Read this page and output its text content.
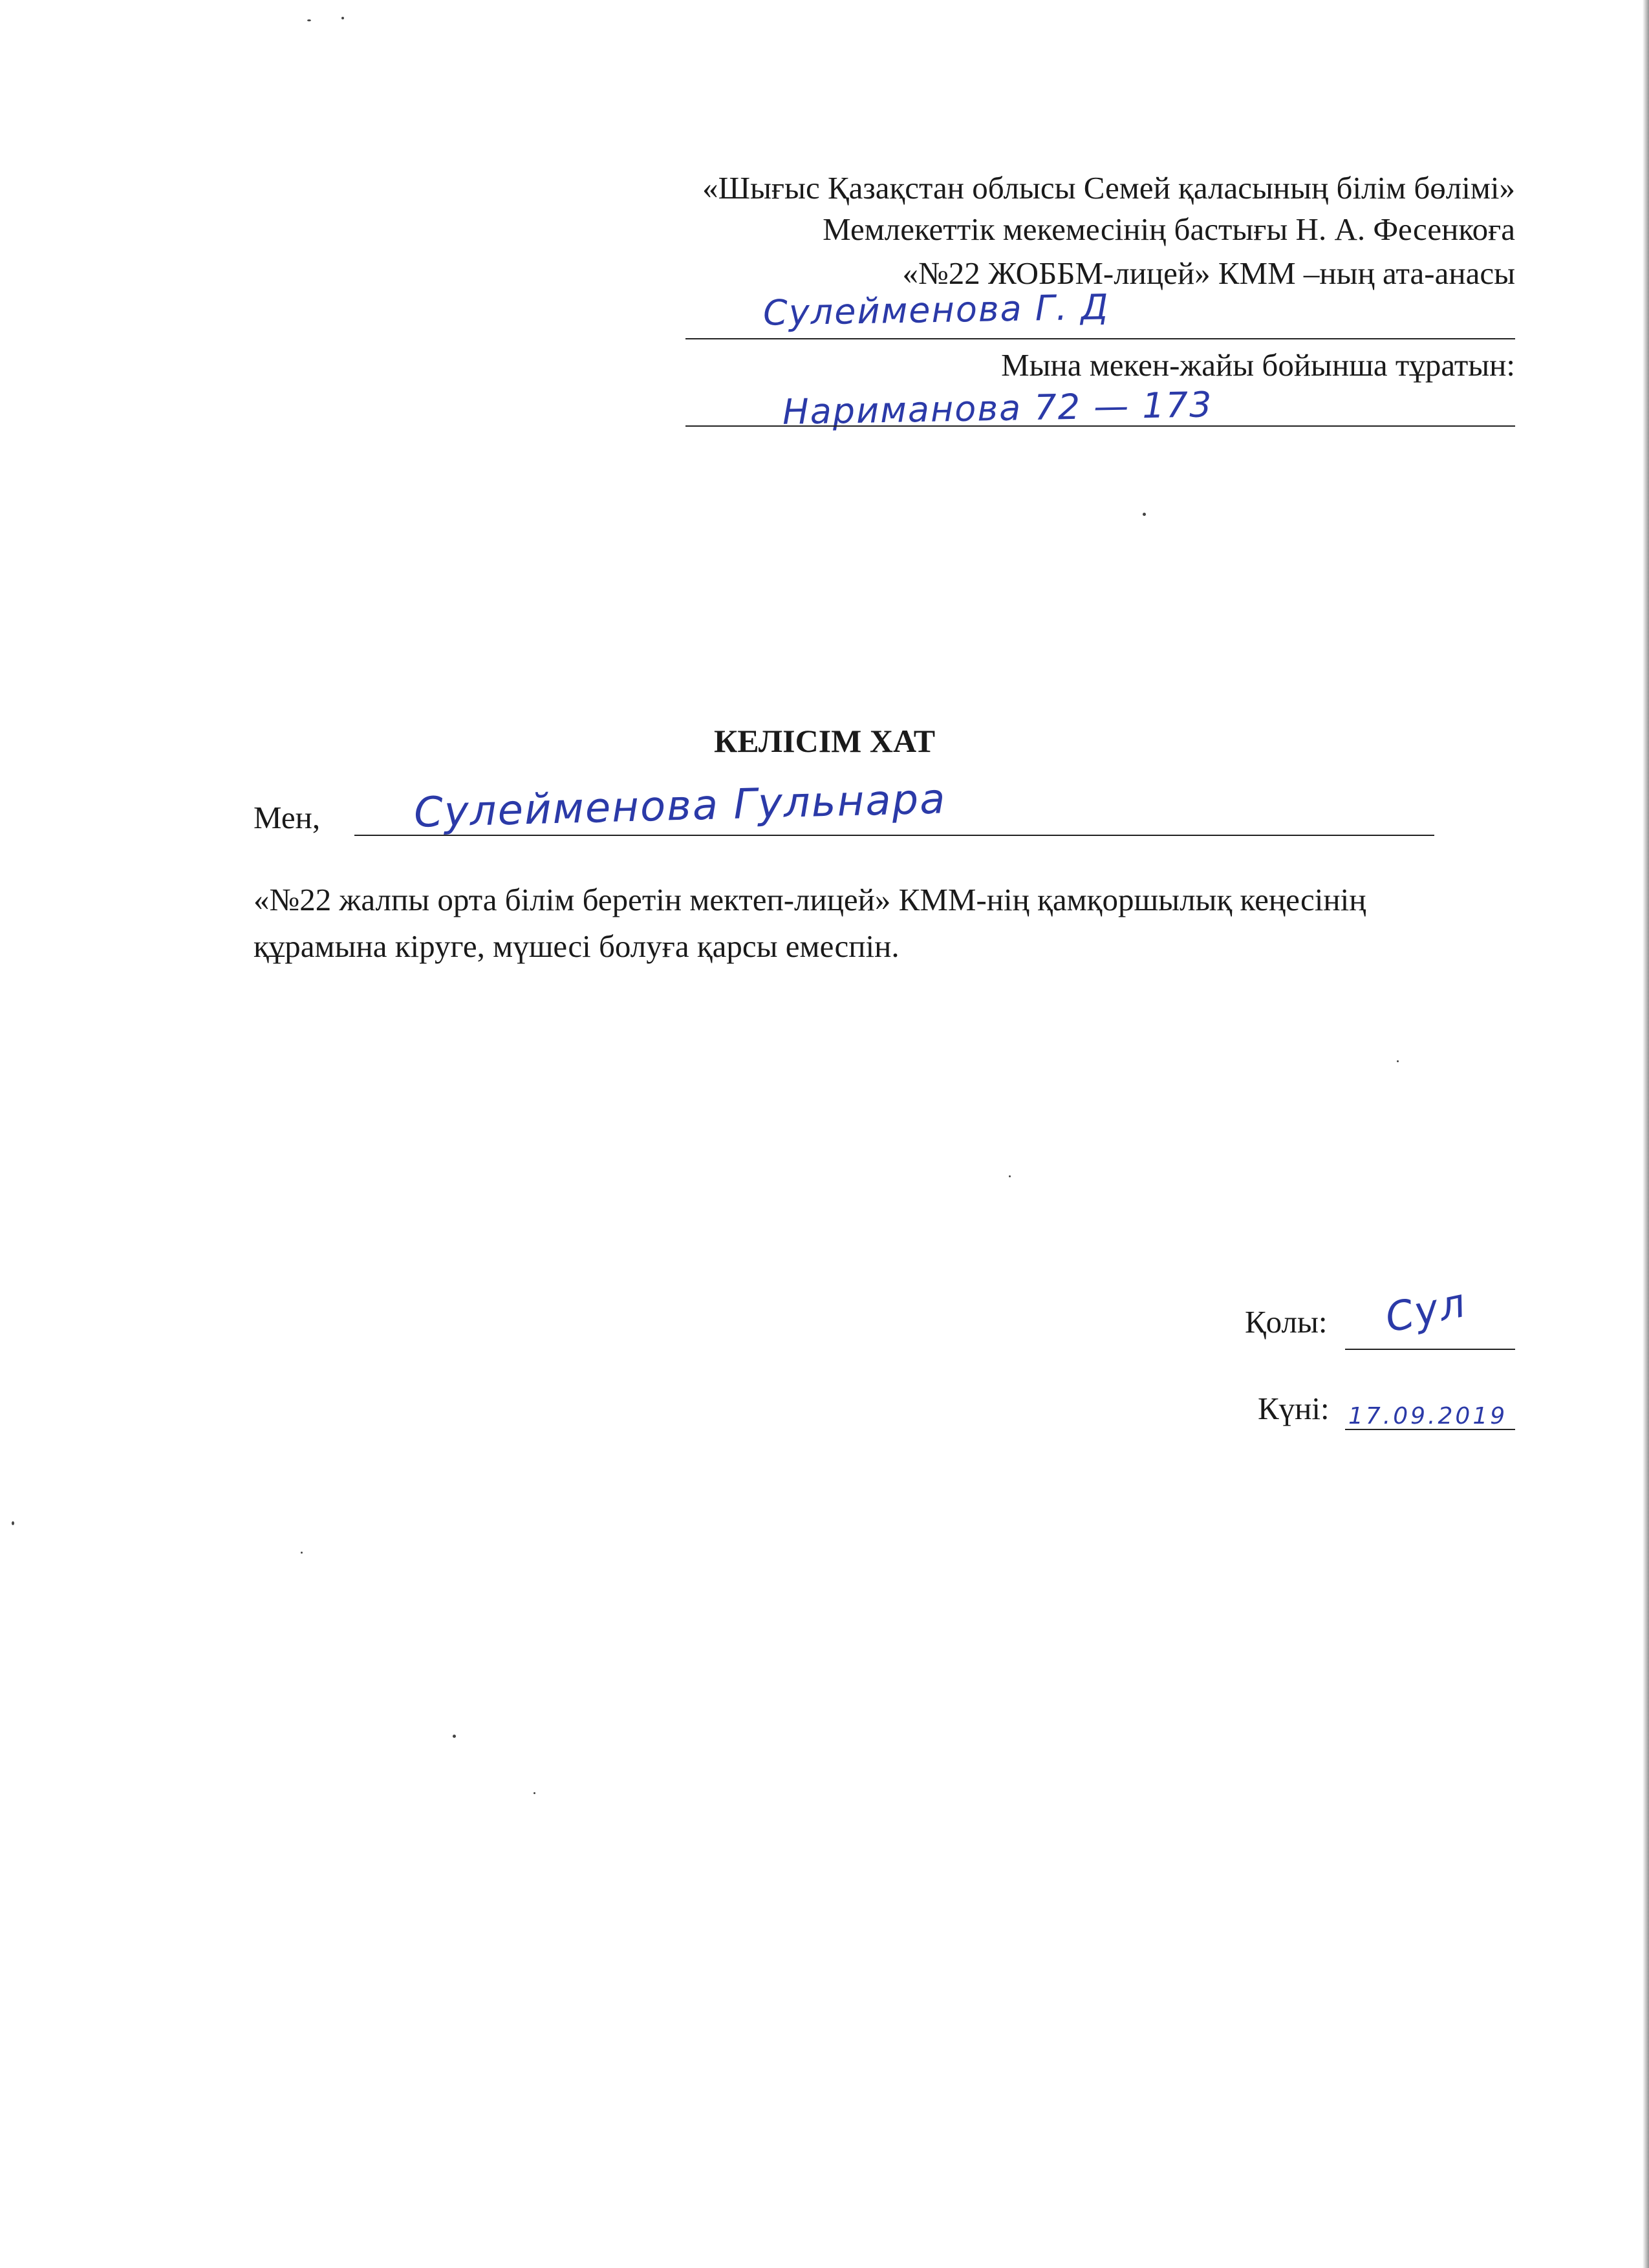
«Шығыс Қазақстан облысы Семей қаласының білім бөлімі»
Мемлекеттік мекемесінің бастығы Н. А. Фесенкоға
«№22 ЖОББМ-лицей» КММ –ның ата-анасы
Сулейменова Г. Д
Мына мекен-жайы бойынша тұратын:
Нариманова 72 — 173
КЕЛІСІМ ХАТ
Мен, Сулейменова Гульнара
«№22 жалпы орта білім беретін мектеп-лицей» КММ-нің қамқоршылық кеңесінің құрамына кіруге, мүшесі болуға қарсы емеспін.
Қолы: Сул
Күні: 17.09.2019
